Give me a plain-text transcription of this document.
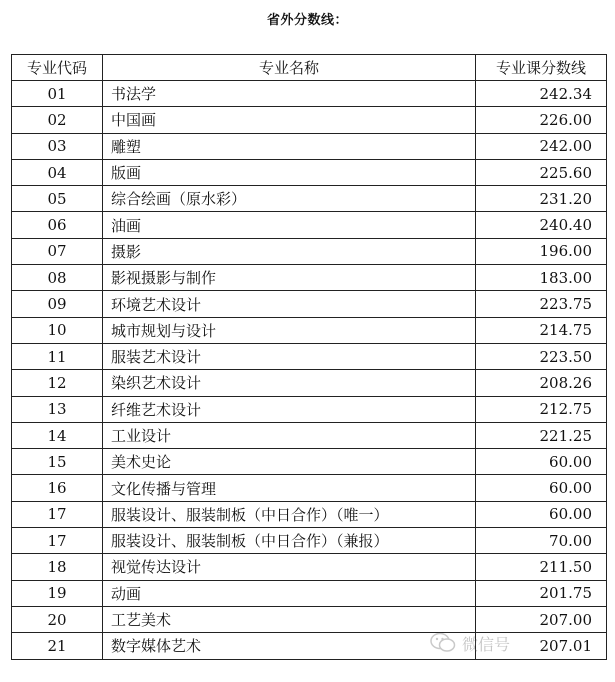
省外分数线：
专业代码	专业名称	专业课分数线
01	书法学	242.34
02	中国画	226.00
03	雕塑	242.00
04	版画	225.60
05	综合绘画（原水彩）	231.20
06	油画	240.40
07	摄影	196.00
08	影视摄影与制作	183.00
09	环境艺术设计	223.75
10	城市规划与设计	214.75
11	服装艺术设计	223.50
12	染织艺术设计	208.26
13	纤维艺术设计	212.75
14	工业设计	221.25
15	美术史论	60.00
16	文化传播与管理	60.00
17	服装设计、服装制板（中日合作）（唯一）	60.00
17	服装设计、服装制板（中日合作）（兼报）	70.00
18	视觉传达设计	211.50
19	动画	201.75
20	工艺美术	207.00
21	数字媒体艺术	207.01
微信号
